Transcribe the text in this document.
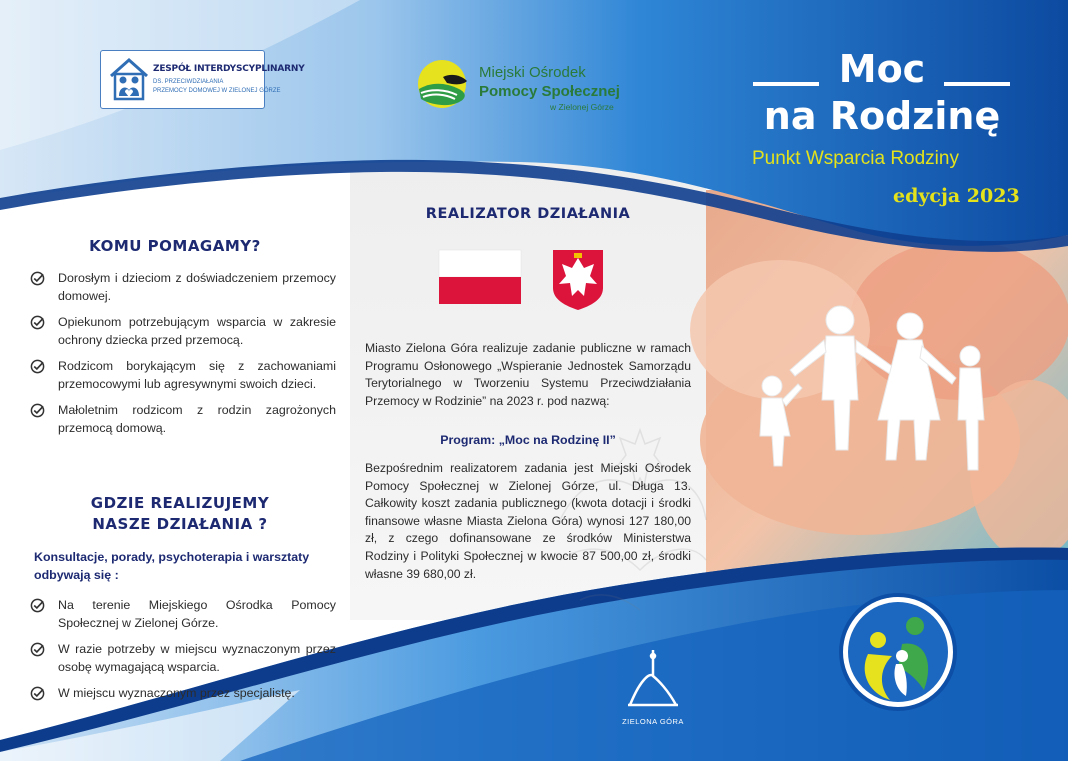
ZESPÓŁ INTERDYSCYPLINARNY
DS. PRZECIWDZIAŁANIA
PRZEMOCY DOMOWEJ W ZIELONEJ GÓRZE
Miejski Ośrodek
Pomocy Społecznej
w Zielonej Górze
Moc
na Rodzinę
Punkt Wsparcia Rodziny
edycja 2023
KOMU POMAGAMY?
Dorosłym i dzieciom z doświadczeniem przemocy domowej.
Opiekunom potrzebującym wsparcia w zakresie ochrony dziecka przed przemocą.
Rodzicom borykającym się z zachowaniami przemocowymi lub agresywnymi swoich dzieci.
Małoletnim rodzicom z rodzin zagrożonych przemocą domową.
GDZIE REALIZUJEMY
NASZE DZIAŁANIA ?
Konsultacje, porady, psychoterapia i warsztaty odbywają się :
Na terenie Miejskiego Ośrodka Pomocy Społecznej w Zielonej Górze.
W razie potrzeby w miejscu wyznaczonym przez osobę wymagającą wsparcia.
W miejscu wyznaczonym przez specjalistę.
REALIZATOR DZIAŁANIA
Miasto Zielona Góra realizuje zadanie publiczne w ramach Programu Osłonowego „Wspieranie Jednostek Samorządu Terytorialnego w Tworzeniu Systemu Przeciwdziałania Przemocy w Rodzinie” na 2023 r. pod nazwą:
Program: „Moc na Rodzinę II”
Bezpośrednim realizatorem zadania jest Miejski Ośrodek Pomocy Społecznej w Zielonej Górze, ul. Długa 13. Całkowity koszt zadania publicznego (kwota dotacji i środki finansowe własne Miasta Zielona Góra) wynosi 127 180,00 zł, z czego dofinansowane ze środków Ministerstwa Rodziny i Polityki Społecznej w kwocie 87 500,00 zł, środki własne 39 680,00 zł.
ZIELONA GÓRA
